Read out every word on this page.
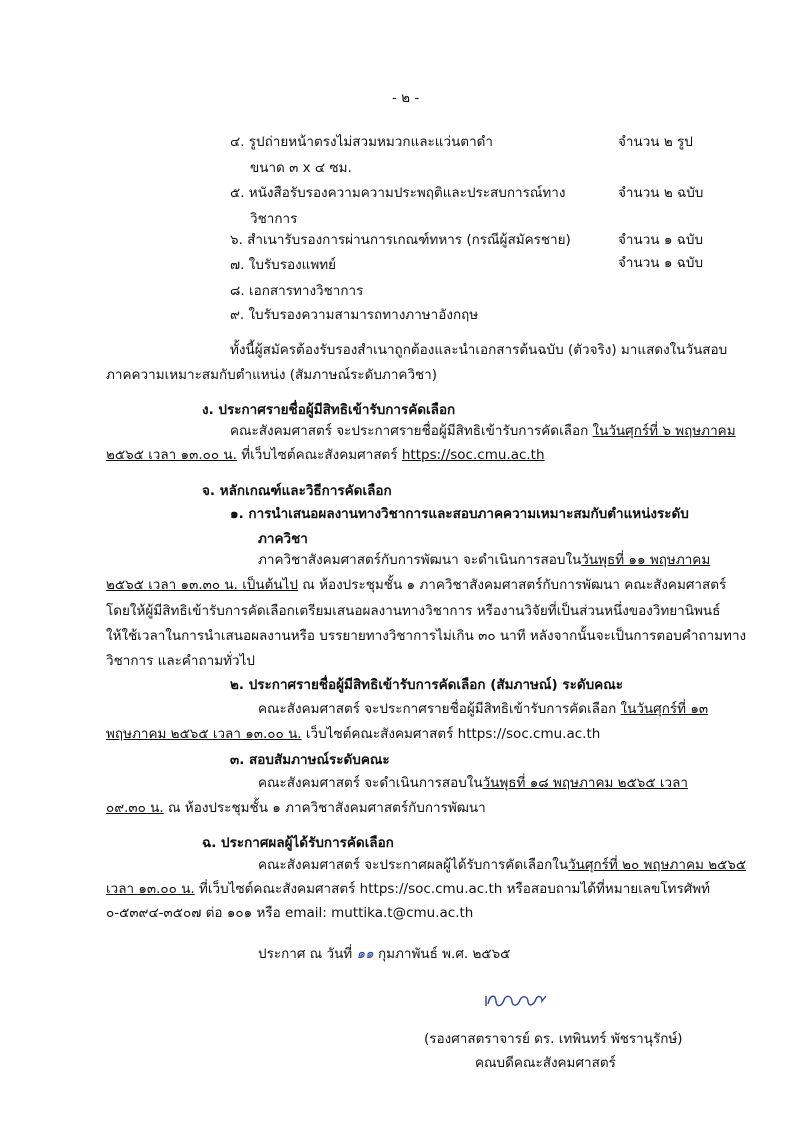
- ๒ -
๔. รูปถ่ายหน้าตรงไม่สวมหมวกและแว่นตาดำ	จำนวน ๒ รูป
ขนาด ๓ x ๔ ซม.
๕. หนังสือรับรองความความประพฤติและประสบการณ์ทาง	จำนวน ๒ ฉบับ
วิชาการ
๖. สำเนารับรองการผ่านการเกณฑ์ทหาร (กรณีผู้สมัครชาย)	จำนวน ๑ ฉบับ
๗. ใบรับรองแพทย์	จำนวน ๑ ฉบับ
๘. เอกสารทางวิชาการ
๙. ใบรับรองความสามารถทางภาษาอังกฤษ
ทั้งนี้ผู้สมัครต้องรับรองสำเนาถูกต้องและนำเอกสารต้นฉบับ (ตัวจริง) มาแสดงในวันสอบ
ภาคความเหมาะสมกับตำแหน่ง (สัมภาษณ์ระดับภาควิชา)
ง. ประกาศรายชื่อผู้มีสิทธิเข้ารับการคัดเลือก
คณะสังคมศาสตร์ จะประกาศรายชื่อผู้มีสิทธิเข้ารับการคัดเลือก ในวันศุกร์ที่ ๖ พฤษภาคม
๒๕๖๕ เวลา ๑๓.๐๐ น. ที่เว็บไซต์คณะสังคมศาสตร์ https://soc.cmu.ac.th
จ. หลักเกณฑ์และวิธีการคัดเลือก
๑. การนำเสนอผลงานทางวิชาการและสอบภาคความเหมาะสมกับตำแหน่งระดับ
ภาควิชา
ภาควิชาสังคมศาสตร์กับการพัฒนา จะดำเนินการสอบในวันพุธที่ ๑๑ พฤษภาคม
๒๕๖๕ เวลา ๑๓.๓๐ น. เป็นต้นไป ณ ห้องประชุมชั้น ๑ ภาควิชาสังคมศาสตร์กับการพัฒนา คณะสังคมศาสตร์
โดยให้ผู้มีสิทธิเข้ารับการคัดเลือกเตรียมเสนอผลงานทางวิชาการ หรืองานวิจัยที่เป็นส่วนหนึ่งของวิทยานิพนธ์
ให้ใช้เวลาในการนำเสนอผลงานหรือ บรรยายทางวิชาการไม่เกิน ๓๐ นาที หลังจากนั้นจะเป็นการตอบคำถามทาง
วิชาการ และคำถามทั่วไป
๒. ประกาศรายชื่อผู้มีสิทธิเข้ารับการคัดเลือก (สัมภาษณ์) ระดับคณะ
คณะสังคมศาสตร์ จะประกาศรายชื่อผู้มีสิทธิเข้ารับการคัดเลือก ในวันศุกร์ที่ ๑๓
พฤษภาคม ๒๕๖๕ เวลา ๑๓.๐๐ น. เว็บไซต์คณะสังคมศาสตร์ https://soc.cmu.ac.th
๓. สอบสัมภาษณ์ระดับคณะ
คณะสังคมศาสตร์ จะดำเนินการสอบในวันพุธที่ ๑๘ พฤษภาคม ๒๕๖๕ เวลา
๐๙.๓๐ น. ณ ห้องประชุมชั้น ๑ ภาควิชาสังคมศาสตร์กับการพัฒนา
ฉ. ประกาศผลผู้ได้รับการคัดเลือก
คณะสังคมศาสตร์ จะประกาศผลผู้ได้รับการคัดเลือกในวันศุกร์ที่ ๒๐ พฤษภาคม ๒๕๖๕
เวลา ๑๓.๐๐ น. ที่เว็บไซต์คณะสังคมศาสตร์ https://soc.cmu.ac.th หรือสอบถามได้ที่หมายเลขโทรศัพท์
๐-๕๓๙๔-๓๕๐๗ ต่อ ๑๐๑ หรือ email: muttika.t@cmu.ac.th
ประกาศ ณ วันที่ ๑๑ กุมภาพันธ์ พ.ศ. ๒๕๖๕
(รองศาสตราจารย์ ดร. เทพินทร์ พัชรานุรักษ์)
คณบดีคณะสังคมศาสตร์
